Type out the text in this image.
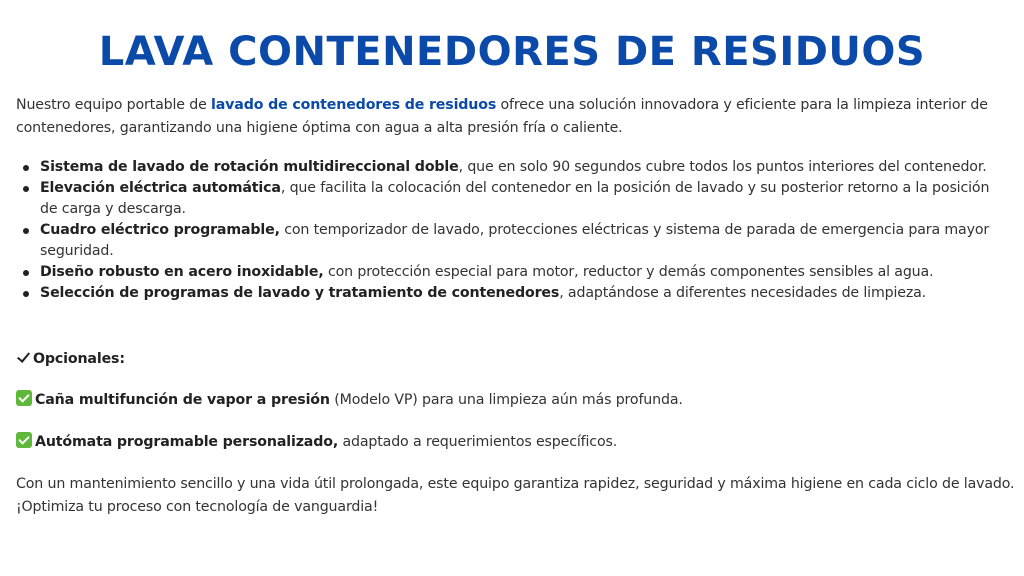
LAVA CONTENEDORES DE RESIDUOS

Nuestro equipo portable de lavado de contenedores de residuos ofrece una solución innovadora y eficiente para la limpieza interior de contenedores, garantizando una higiene óptima con agua a alta presión fría o caliente.

Sistema de lavado de rotación multidireccional doble, que en solo 90 segundos cubre todos los puntos interiores del contenedor.
Elevación eléctrica automática, que facilita la colocación del contenedor en la posición de lavado y su posterior retorno a la posición de carga y descarga.
Cuadro eléctrico programable, con temporizador de lavado, protecciones eléctricas y sistema de parada de emergencia para mayor seguridad.
Diseño robusto en acero inoxidable, con protección especial para motor, reductor y demás componentes sensibles al agua.
Selección de programas de lavado y tratamiento de contenedores, adaptándose a diferentes necesidades de limpieza.

Opcionales:

Caña multifunción de vapor a presión (Modelo VP) para una limpieza aún más profunda.

Autómata programable personalizado, adaptado a requerimientos específicos.

Con un mantenimiento sencillo y una vida útil prolongada, este equipo garantiza rapidez, seguridad y máxima higiene en cada ciclo de lavado. ¡Optimiza tu proceso con tecnología de vanguardia!
